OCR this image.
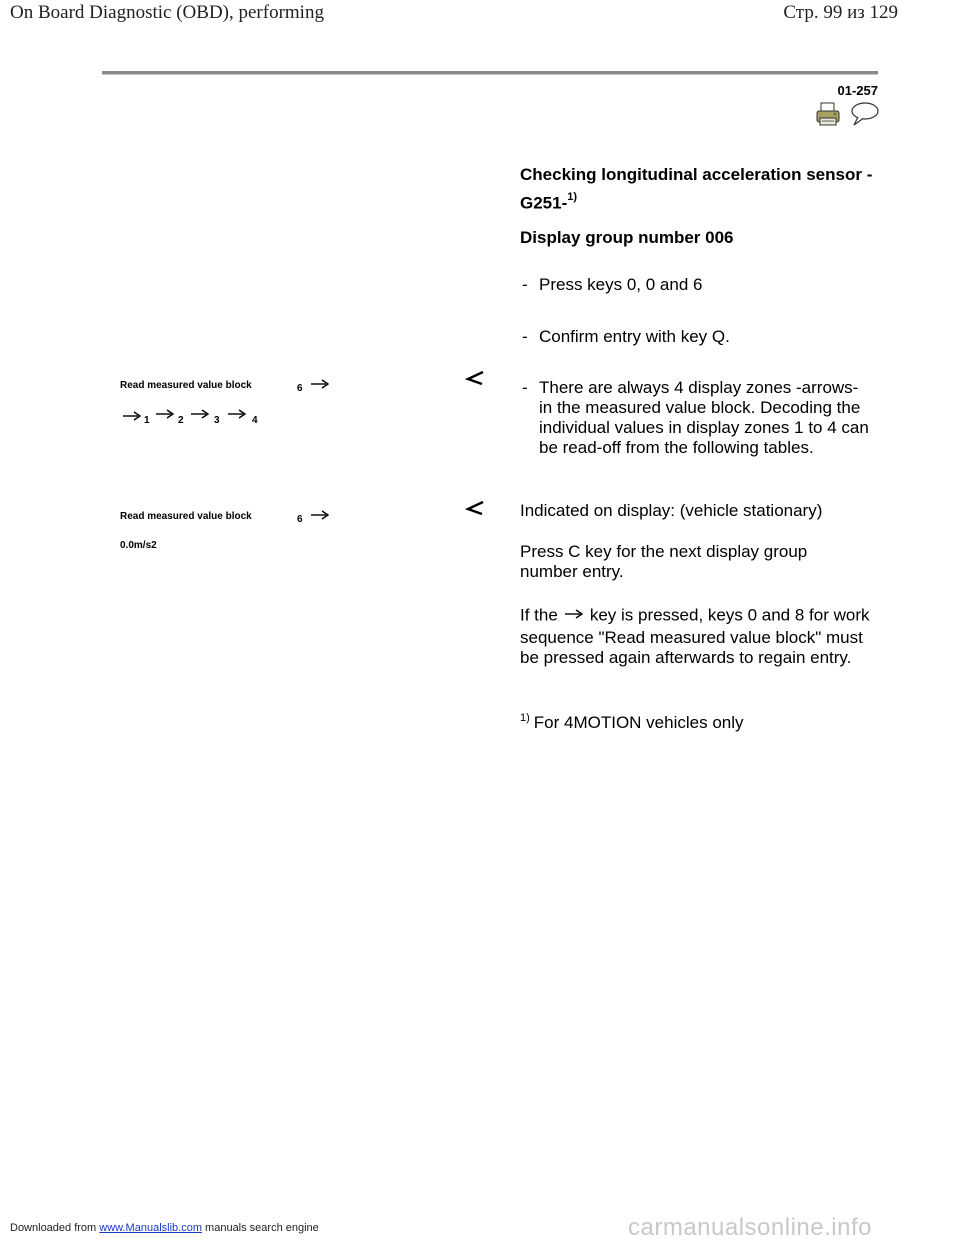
On Board Diagnostic (OBD), performing	Стр. 99 из 129
01-257
Checking longitudinal acceleration sensor -G251-$^{1)}$
Display group number 006
- Press keys 0, 0 and 6
- Confirm entry with key Q.
- There are always 4 display zones -arrows- in the measured value block. Decoding the individual values in display zones 1 to 4 can be read-off from the following tables.
Read measured value block	6
1	2	3	4
Read measured value block	6
0.0m/s2
Indicated on display: (vehicle stationary)
Press C key for the next display group number entry.
If the key is pressed, keys 0 and 8 for work sequence "Read measured value block" must be pressed again afterwards to regain entry.
$^{1)}$ For 4MOTION vehicles only
Downloaded from www.Manualslib.com manuals search engine	carmanualsonline.info
